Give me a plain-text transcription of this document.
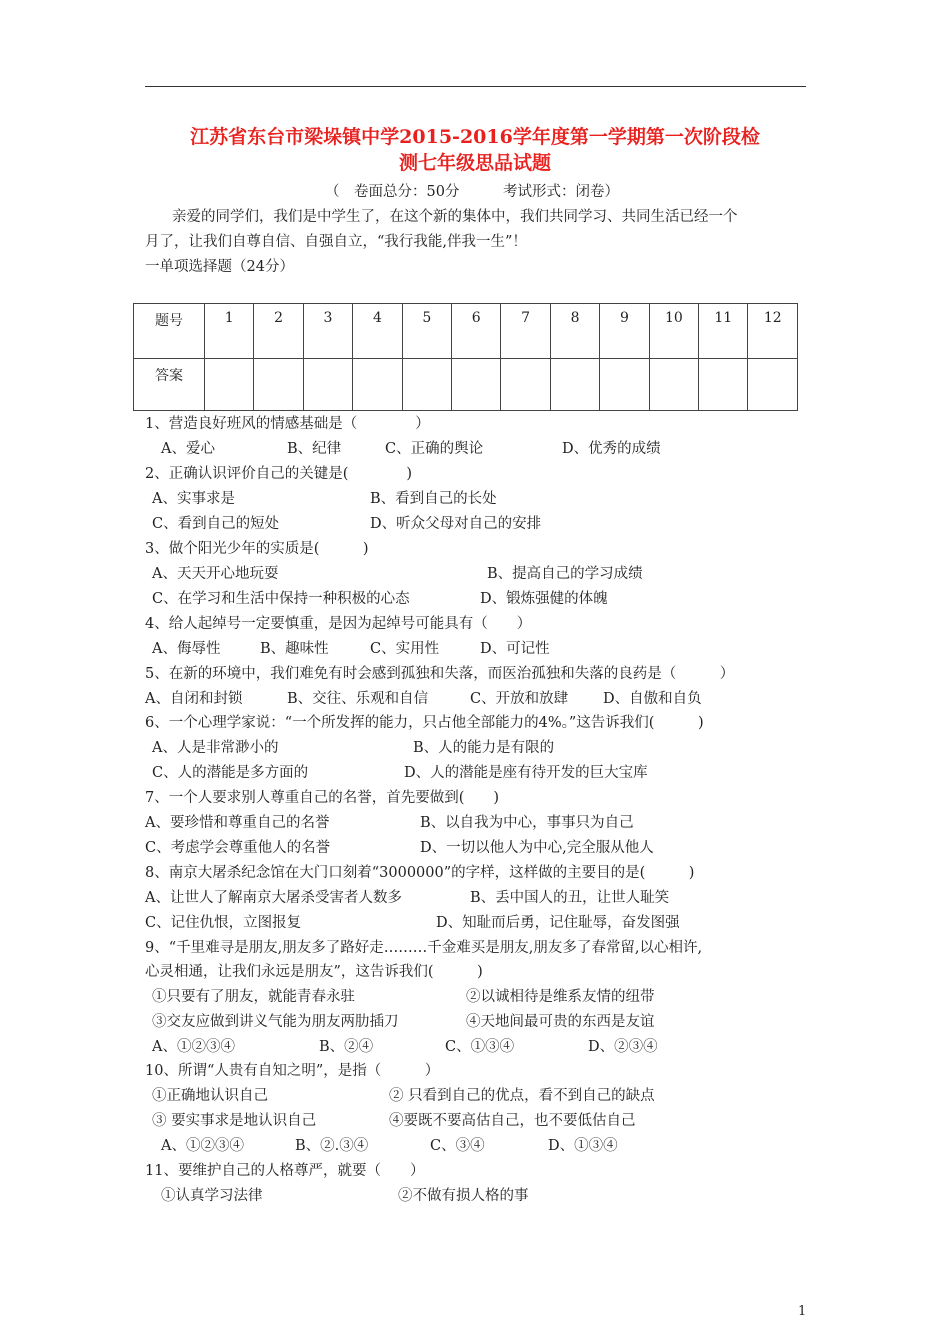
江苏省东台市梁垛镇中学2015-2016学年度第一学期第一次阶段检
测七年级思品试题
（　卷面总分：50分　　　考试形式：闭卷）
亲爱的同学们，我们是中学生了，在这个新的集体中，我们共同学习、共同生活已经一个
月了，让我们自尊自信、自强自立，“我行我能,伴我一生”！
一单项选择题（24分）
题号	1	2	3	4	5	6	7	8	9	10	11	12
答案												
1、营造良好班风的情感基础是（　　　　）
A、爱心	B、纪律	C、正确的舆论	D、优秀的成绩
2、正确认识评价自己的关键是(　　　　)
A、实事求是	B、看到自己的长处
C、看到自己的短处	D、听众父母对自己的安排
3、做个阳光少年的实质是(　　　)
A、天天开心地玩耍	B、提高自己的学习成绩
C、在学习和生活中保持一种积极的心态	D、锻炼强健的体魄
4、给人起绰号一定要慎重，是因为起绰号可能具有（　　）
A、侮辱性	B、趣味性	C、实用性	D、可记性
5、在新的环境中，我们难免有时会感到孤独和失落，而医治孤独和失落的良药是（　　　）
A、自闭和封锁	B、交往、乐观和自信	C、开放和放肆 D、自傲和自负
6、一个心理学家说：“一个所发挥的能力，只占他全部能力的4%。”这告诉我们(　　　)
A、人是非常渺小的	B、人的能力是有限的
C、人的潜能是多方面的	D、人的潜能是座有待开发的巨大宝库
7、一个人要求别人尊重自己的名誉，首先要做到(　　)
A、要珍惜和尊重自己的名誉	B、以自我为中心，事事只为自己
C、考虑学会尊重他人的名誉	D、一切以他人为中心,完全服从他人
8、南京大屠杀纪念馆在大门口刻着“3000000”的字样，这样做的主要目的是(　　　)
A、让世人了解南京大屠杀受害者人数多	B、丢中国人的丑，让世人耻笑
C、记住仇恨，立图报复	D、知耻而后勇，记住耻辱，奋发图强
9、“千里难寻是朋友,朋友多了路好走………千金难买是朋友,朋友多了春常留,以心相许,
心灵相通，让我们永远是朋友”，这告诉我们(　　　)
①只要有了朋友，就能青春永驻	②以诚相待是维系友情的纽带
③交友应做到讲义气能为朋友两肋插刀	④天地间最可贵的东西是友谊
A、①②③④	B、②④	C、①③④	D、②③④
10、所谓“人贵有自知之明”，是指（　　　）
①正确地认识自己	② 只看到自己的优点，看不到自己的缺点
③ 要实事求是地认识自己	④要既不要高估自己，也不要低估自己
A、①②③④	B、②.③④	C、③④	D、①③④
11、要维护自己的人格尊严，就要（　　）
①认真学习法律	②不做有损人格的事
1
